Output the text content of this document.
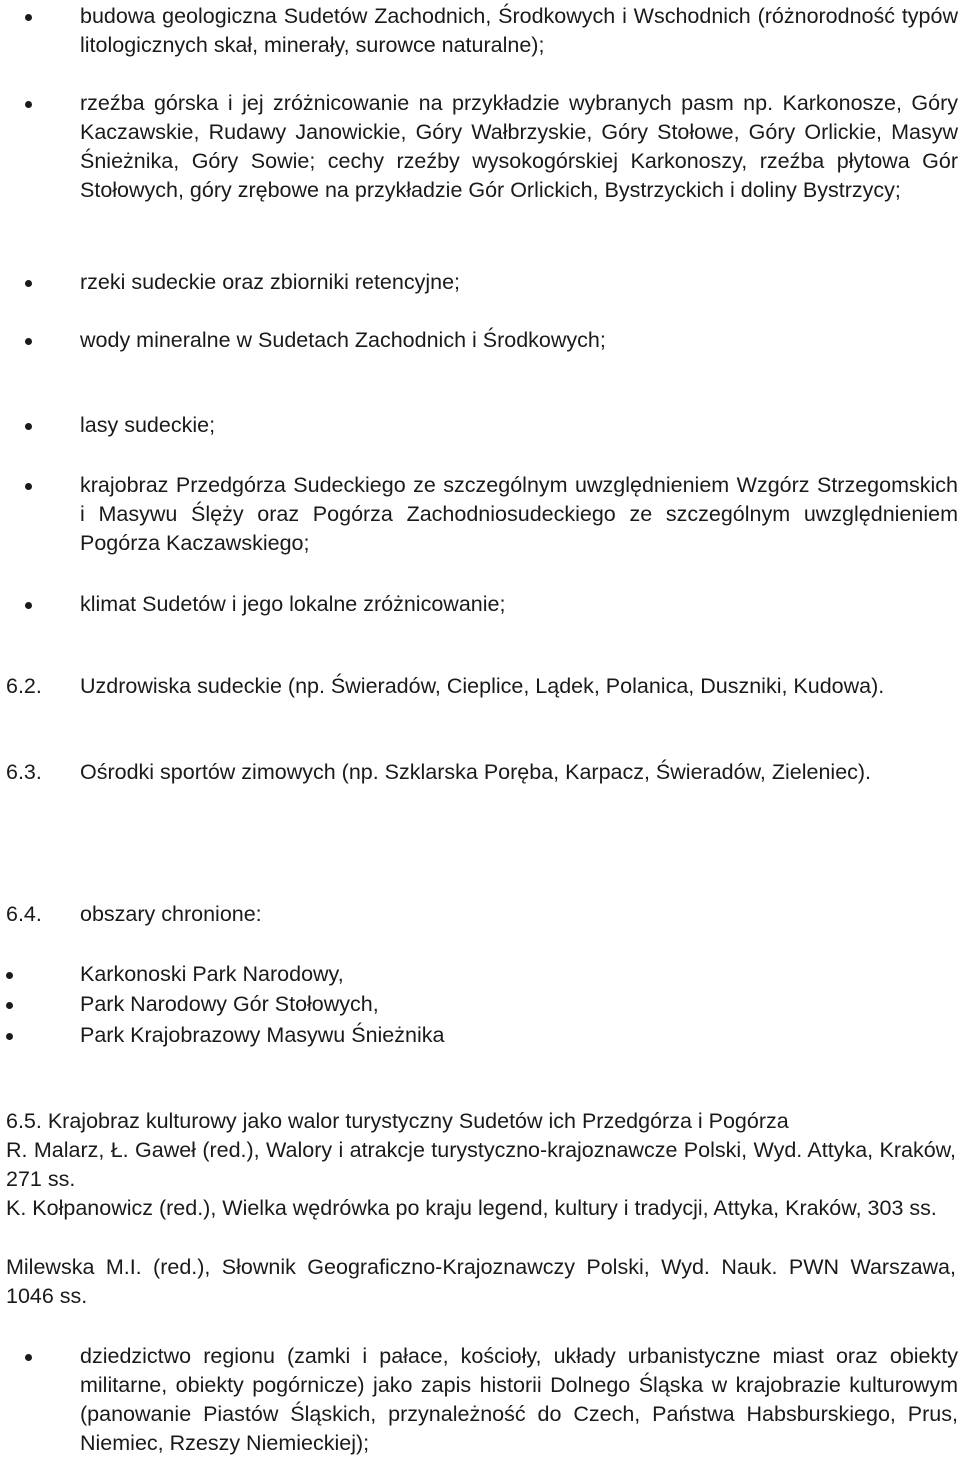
budowa geologiczna Sudetów Zachodnich, Środkowych i Wschodnich (różnorodność typów litologicznych skał, minerały, surowce naturalne);
rzeźba górska i jej zróżnicowanie na przykładzie wybranych pasm np. Karkonosze, Góry Kaczawskie, Rudawy Janowickie, Góry Wałbrzyskie, Góry Stołowe, Góry Orlickie, Masyw Śnieżnika, Góry Sowie; cechy rzeźby wysokogórskiej Karkonoszy, rzeźba płytowa Gór Stołowych, góry zrębowe na przykładzie Gór Orlickich, Bystrzyckich i doliny Bystrzycy;
rzeki sudeckie oraz zbiorniki retencyjne;
wody mineralne w Sudetach Zachodnich i Środkowych;
lasy sudeckie;
krajobraz Przedgórza Sudeckiego ze szczególnym uwzględnieniem Wzgórz Strzegomskich i Masywu Ślęży oraz Pogórza Zachodniosudeckiego ze szczególnym uwzględnieniem Pogórza Kaczawskiego;
klimat Sudetów i jego lokalne zróżnicowanie;
6.2. Uzdrowiska sudeckie (np. Świeradów, Cieplice, Lądek, Polanica, Duszniki, Kudowa).
6.3. Ośrodki sportów zimowych (np. Szklarska Poręba, Karpacz, Świeradów, Zieleniec).
6.4. obszary chronione:
Karkonoski Park Narodowy,
Park Narodowy Gór Stołowych,
Park Krajobrazowy Masywu Śnieżnika
6.5. Krajobraz kulturowy jako walor turystyczny Sudetów ich Przedgórza i Pogórza
R. Malarz, Ł. Gaweł (red.), Walory i atrakcje turystyczno-krajoznawcze Polski, Wyd. Attyka, Kraków, 271 ss.
K. Kołpanowicz (red.), Wielka wędrówka po kraju legend, kultury i tradycji, Attyka, Kraków, 303 ss.
Milewska M.I. (red.), Słownik Geograficzno-Krajoznawczy Polski, Wyd. Nauk. PWN Warszawa, 1046 ss.
dziedzictwo regionu (zamki i pałace, kościoły, układy urbanistyczne miast oraz obiekty militarne, obiekty pogórnicze) jako zapis historii Dolnego Śląska w krajobrazie kulturowym (panowanie Piastów Śląskich, przynależność do Czech, Państwa Habsburskiego, Prus, Niemiec, Rzeszy Niemieckiej);
